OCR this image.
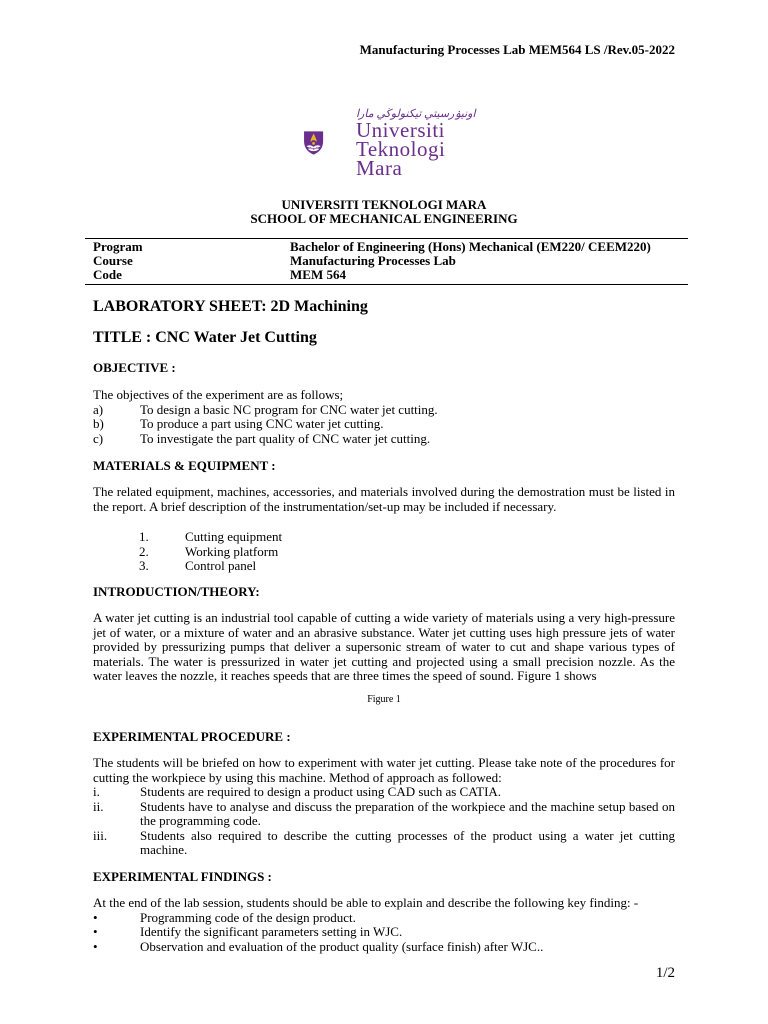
Manufacturing Processes Lab MEM564 LS /Rev.05-2022
اونيۏرسيتي تيكنولوڬي مارا
Universiti
Teknologi
Mara
UNIVERSITI TEKNOLOGI MARA
SCHOOL OF MECHANICAL ENGINEERING
Program	Bachelor of Engineering (Hons) Mechanical (EM220/ CEEM220)
Course	Manufacturing Processes Lab
Code	MEM 564
LABORATORY SHEET: 2D Machining
TITLE : CNC Water Jet Cutting
OBJECTIVE :
The objectives of the experiment are as follows;
a)	To design a basic NC program for CNC water jet cutting.
b)	To produce a part using CNC water jet cutting.
c)	To investigate the part quality of CNC water jet cutting.
MATERIALS & EQUIPMENT :
The related equipment, machines, accessories, and materials involved during the demostration must be listed in the report. A brief description of the instrumentation/set-up may be included if necessary.
1.	Cutting equipment
2.	Working platform
3.	Control panel
INTRODUCTION/THEORY:
A water jet cutting is an industrial tool capable of cutting a wide variety of materials using a very high-pressure jet of water, or a mixture of water and an abrasive substance. Water jet cutting uses high pressure jets of water provided by pressurizing pumps that deliver a supersonic stream of water to cut and shape various types of materials. The water is pressurized in water jet cutting and projected using a small precision nozzle. As the water leaves the nozzle, it reaches speeds that are three times the speed of sound. Figure 1 shows
Figure 1
EXPERIMENTAL PROCEDURE :
The students will be briefed on how to experiment with water jet cutting. Please take note of the procedures for cutting the workpiece by using this machine. Method of approach as followed:
i.	Students are required to design a product using CAD such as CATIA.
ii.	Students have to analyse and discuss the preparation of the workpiece and the machine setup based on the programming code.
iii.	Students also required to describe the cutting processes of the product using a water jet cutting machine.
EXPERIMENTAL FINDINGS :
At the end of the lab session, students should be able to explain and describe the following key finding: -
•	Programming code of the design product.
•	Identify the significant parameters setting in WJC.
•	Observation and evaluation of the product quality (surface finish) after WJC..
1/2
